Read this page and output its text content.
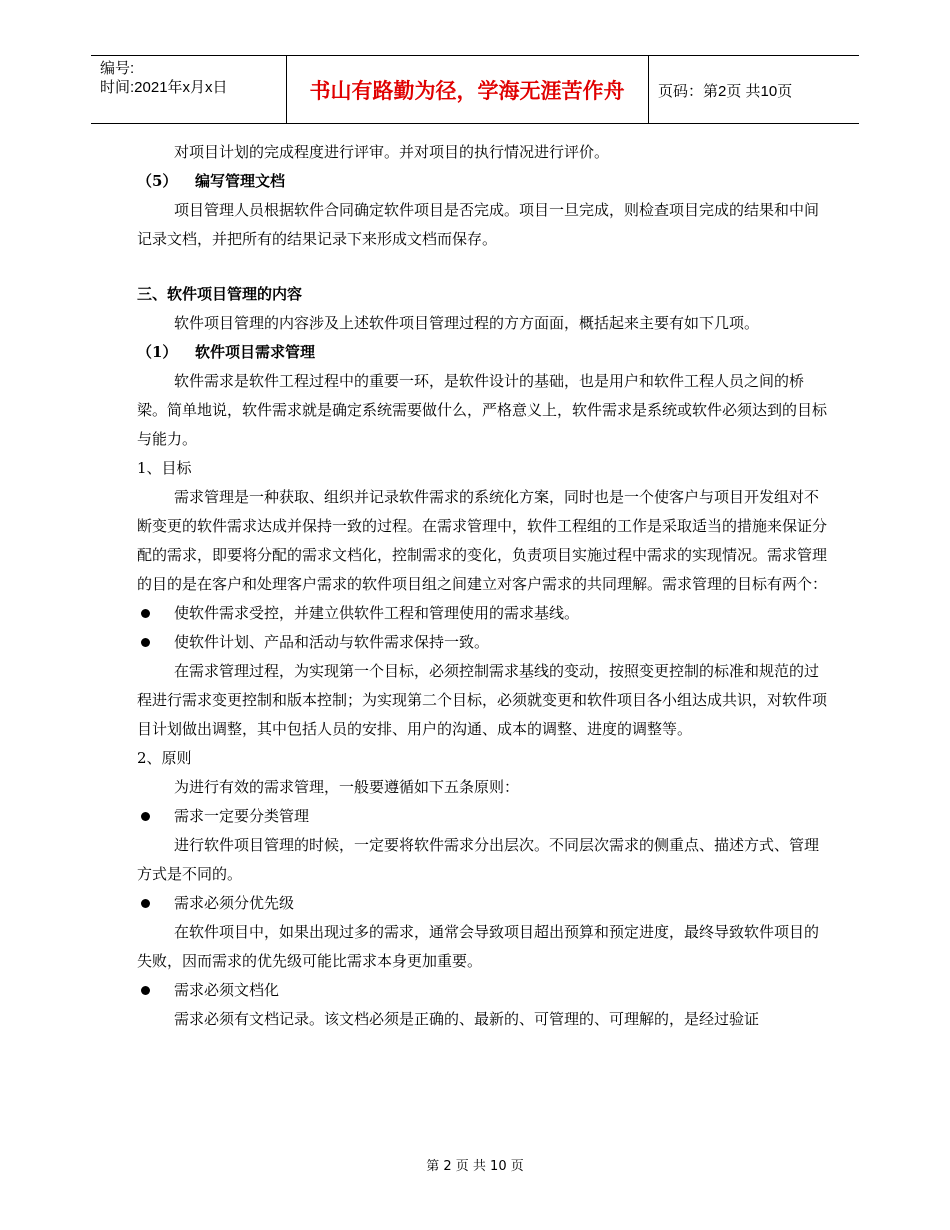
编号:
时间:2021年x月x日	书山有路勤为径，学海无涯苦作舟	页码：第2页 共10页

对项目计划的完成程度进行评审。并对项目的执行情况进行评价。

（5） 编写管理文档

项目管理人员根据软件合同确定软件项目是否完成。项目一旦完成，则检查项目完成的结果和中间记录文档，并把所有的结果记录下来形成文档而保存。

三、软件项目管理的内容

软件项目管理的内容涉及上述软件项目管理过程的方方面面，概括起来主要有如下几项。

（1） 软件项目需求管理

软件需求是软件工程过程中的重要一环，是软件设计的基础，也是用户和软件工程人员之间的桥梁。简单地说，软件需求就是确定系统需要做什么，严格意义上，软件需求是系统或软件必须达到的目标与能力。

1、目标

需求管理是一种获取、组织并记录软件需求的系统化方案，同时也是一个使客户与项目开发组对不断变更的软件需求达成并保持一致的过程。在需求管理中，软件工程组的工作是采取适当的措施来保证分配的需求，即要将分配的需求文档化，控制需求的变化，负责项目实施过程中需求的实现情况。需求管理的目的是在客户和处理客户需求的软件项目组之间建立对客户需求的共同理解。需求管理的目标有两个：

使软件需求受控，并建立供软件工程和管理使用的需求基线。

使软件计划、产品和活动与软件需求保持一致。

在需求管理过程，为实现第一个目标，必须控制需求基线的变动，按照变更控制的标准和规范的过程进行需求变更控制和版本控制；为实现第二个目标，必须就变更和软件项目各小组达成共识，对软件项目计划做出调整，其中包括人员的安排、用户的沟通、成本的调整、进度的调整等。

2、原则

为进行有效的需求管理，一般要遵循如下五条原则：

需求一定要分类管理

进行软件项目管理的时候，一定要将软件需求分出层次。不同层次需求的侧重点、描述方式、管理方式是不同的。

需求必须分优先级

在软件项目中，如果出现过多的需求，通常会导致项目超出预算和预定进度，最终导致软件项目的失败，因而需求的优先级可能比需求本身更加重要。

需求必须文档化

需求必须有文档记录。该文档必须是正确的、最新的、可管理的、可理解的，是经过验证

第 2 页 共 10 页
